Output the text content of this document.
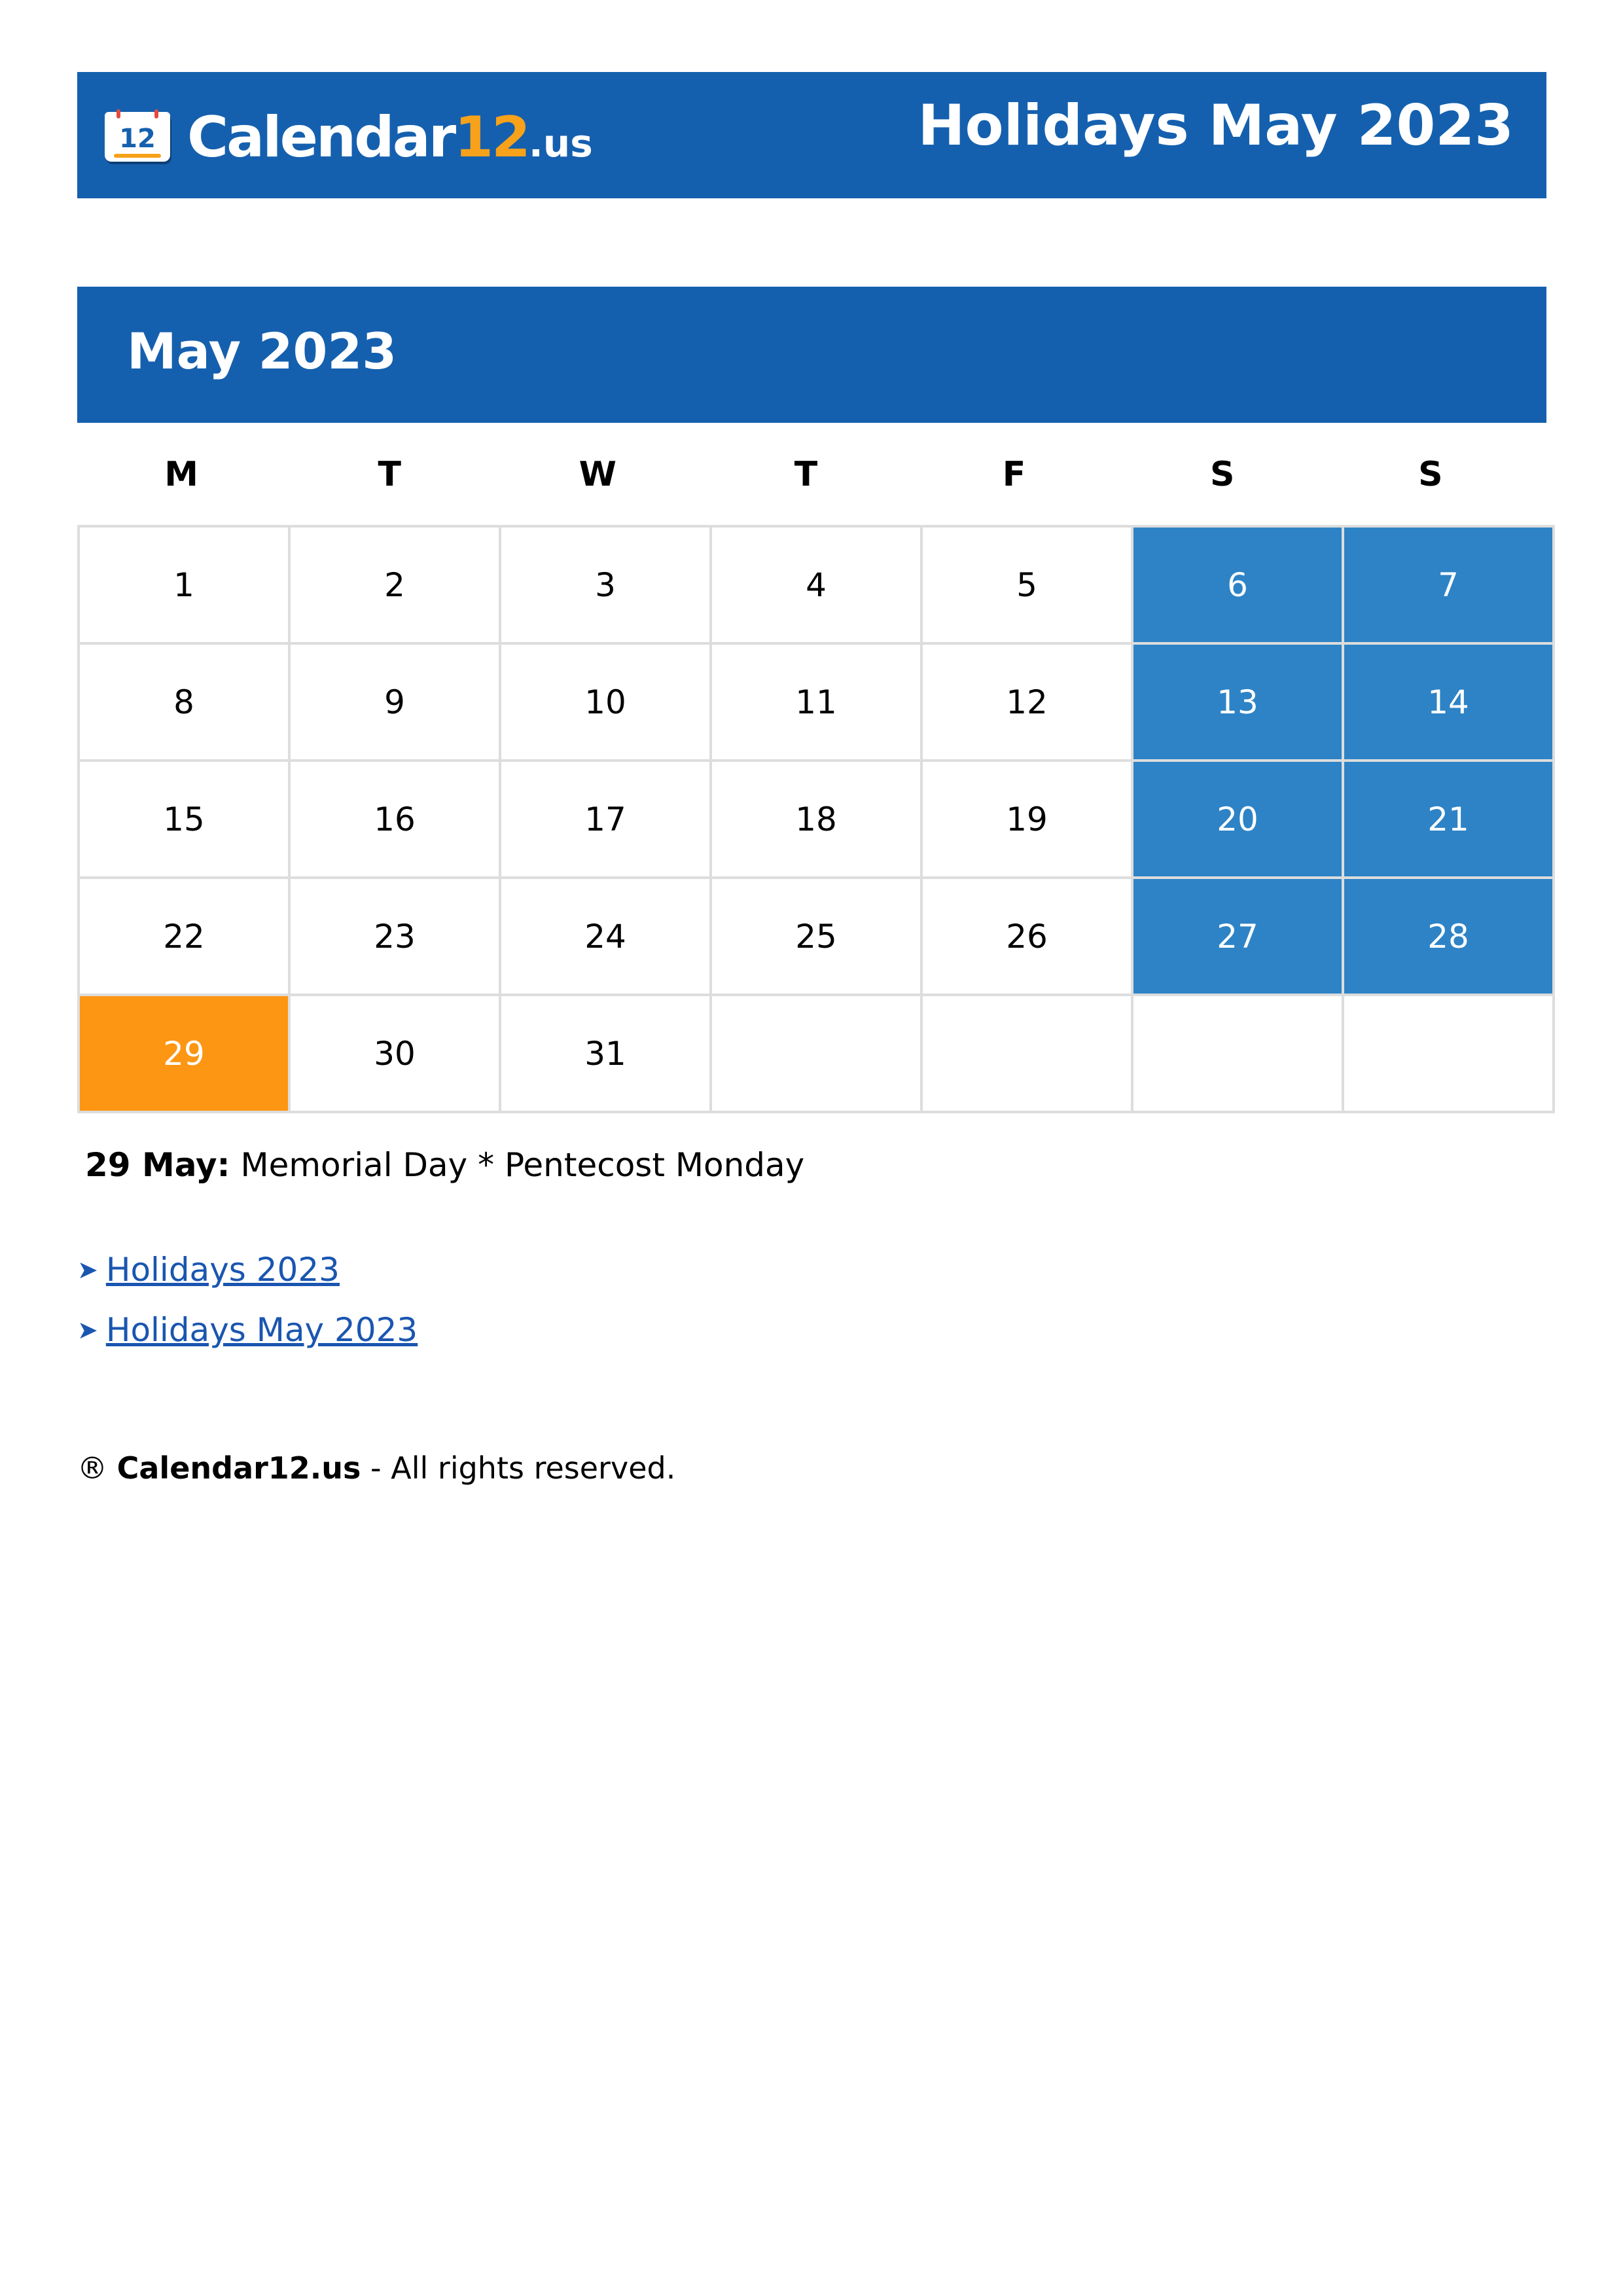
12 Calendar12.us	Holidays May 2023
May 2023
M	T	W	T	F	S	S
1	2	3	4	5	6	7
8	9	10	11	12	13	14
15	16	17	18	19	20	21
22	23	24	25	26	27	28
29	30	31				

29 May: Memorial Day * Pentecost Monday

➤ Holidays 2023
➤ Holidays May 2023

® Calendar12.us - All rights reserved.
